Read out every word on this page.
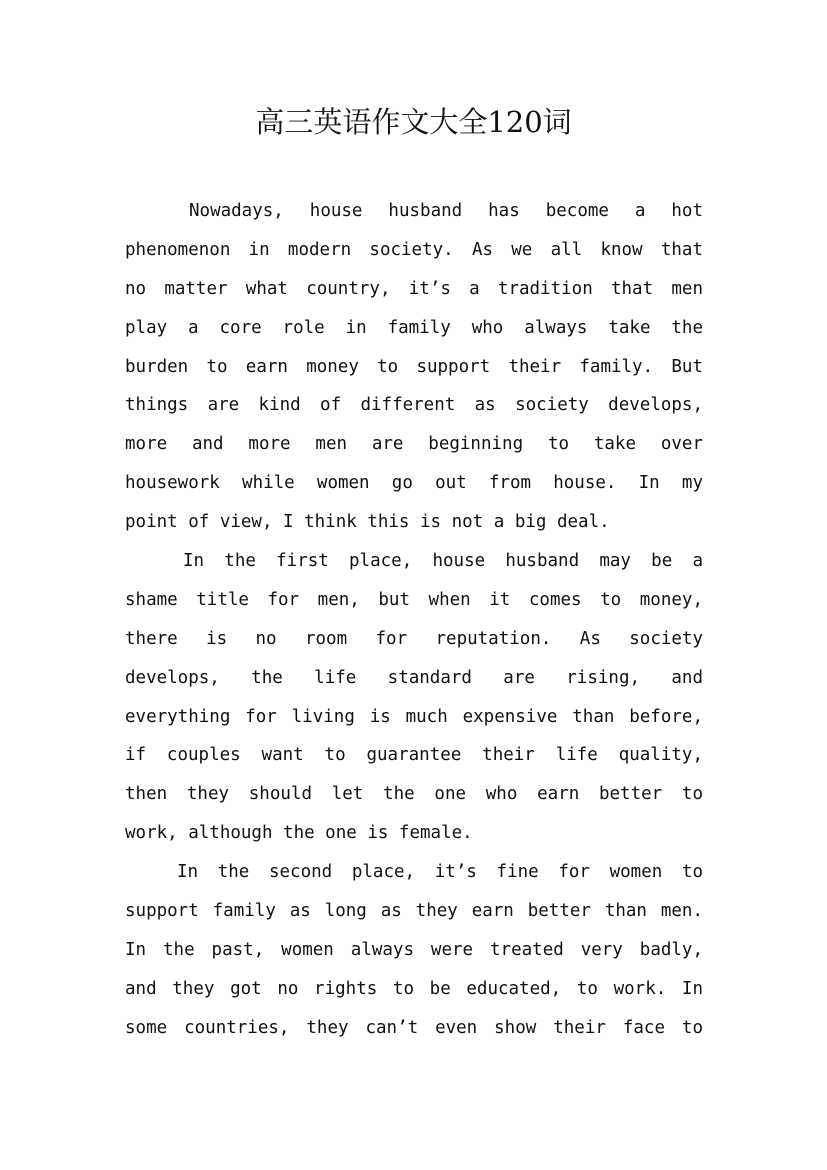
高三英语作文大全120词
Nowadays, house husband has become a hot
phenomenon in modern society. As we all know that
no matter what country, it’s a tradition that men
play a core role in family who always take the
burden to earn money to support their family. But
things are kind of different as society develops,
more and more men are beginning to take over
housework while women go out from house. In my
point of view, I think this is not a big deal.
In the first place, house husband may be a
shame title for men, but when it comes to money,
there is no room for reputation. As society
develops, the life standard are rising, and
everything for living is much expensive than before,
if couples want to guarantee their life quality,
then they should let the one who earn better to
work, although the one is female.
In the second place, it’s fine for women to
support family as long as they earn better than men.
In the past, women always were treated very badly,
and they got no rights to be educated, to work. In
some countries, they can’t even show their face to
